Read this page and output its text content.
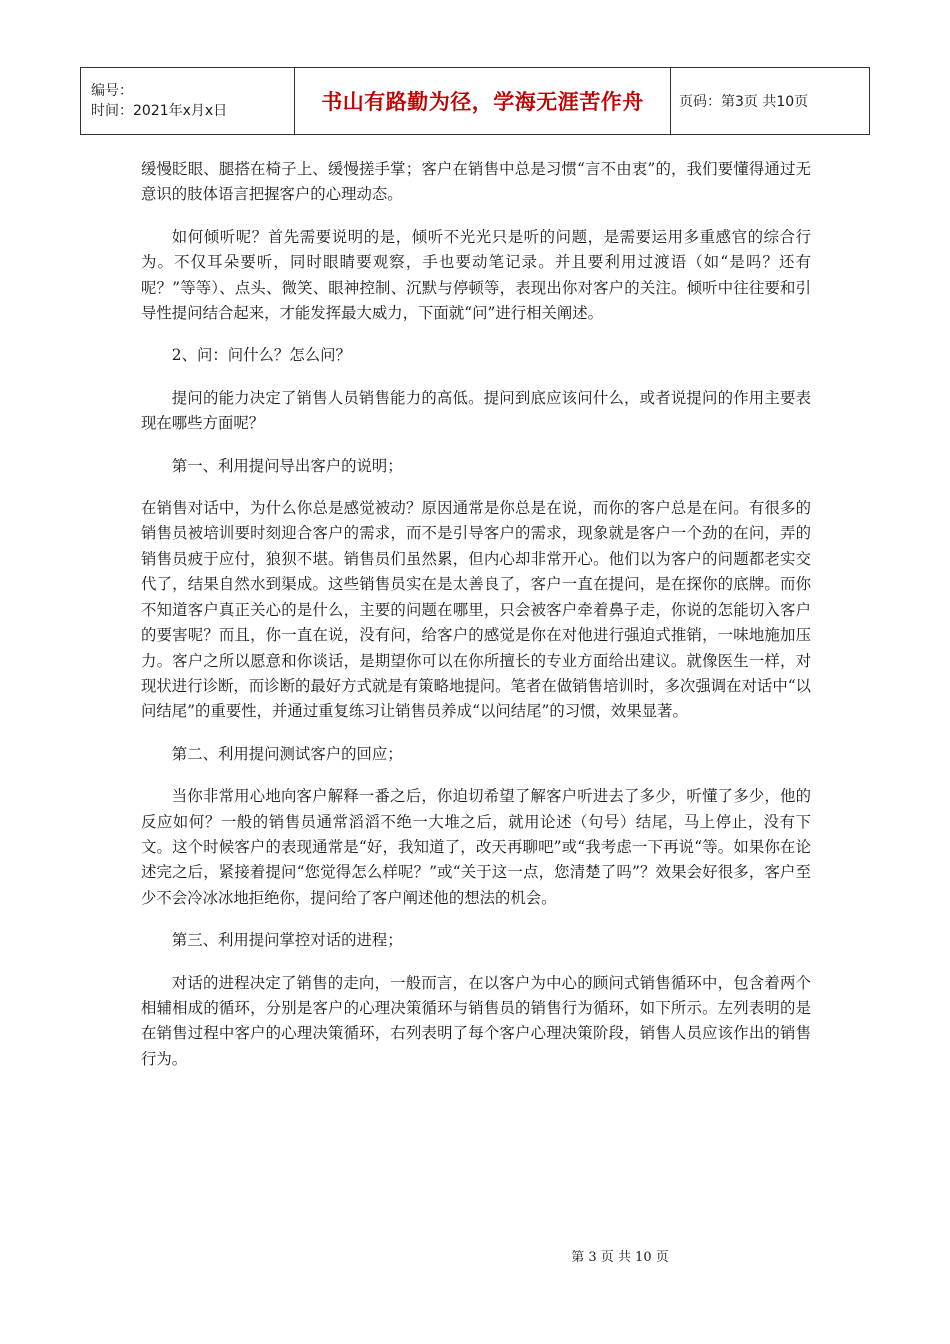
编号：
时间：2021年x月x日	书山有路勤为径，学海无涯苦作舟	页码：第3页 共10页

缓慢眨眼、腿搭在椅子上、缓慢搓手掌；客户在销售中总是习惯“言不由衷”的，我们要懂得通过无意识的肢体语言把握客户的心理动态。

如何倾听呢？首先需要说明的是，倾听不光光只是听的问题，是需要运用多重感官的综合行为。不仅耳朵要听，同时眼睛要观察，手也要动笔记录。并且要利用过渡语（如“是吗？还有呢？”等等）、点头、微笑、眼神控制、沉默与停顿等，表现出你对客户的关注。倾听中往往要和引导性提问结合起来，才能发挥最大威力，下面就“问”进行相关阐述。

2、问：问什么？怎么问？

提问的能力决定了销售人员销售能力的高低。提问到底应该问什么，或者说提问的作用主要表现在哪些方面呢？

第一、利用提问导出客户的说明；

在销售对话中，为什么你总是感觉被动？原因通常是你总是在说，而你的客户总是在问。有很多的销售员被培训要时刻迎合客户的需求，而不是引导客户的需求，现象就是客户一个劲的在问，弄的销售员疲于应付，狼狈不堪。销售员们虽然累，但内心却非常开心。他们以为客户的问题都老实交代了，结果自然水到渠成。这些销售员实在是太善良了，客户一直在提问，是在探你的底牌。而你不知道客户真正关心的是什么，主要的问题在哪里，只会被客户牵着鼻子走，你说的怎能切入客户的要害呢？而且，你一直在说，没有问，给客户的感觉是你在对他进行强迫式推销，一味地施加压力。客户之所以愿意和你谈话，是期望你可以在你所擅长的专业方面给出建议。就像医生一样，对现状进行诊断，而诊断的最好方式就是有策略地提问。笔者在做销售培训时，多次强调在对话中“以问结尾”的重要性，并通过重复练习让销售员养成“以问结尾”的习惯，效果显著。

第二、利用提问测试客户的回应；

当你非常用心地向客户解释一番之后，你迫切希望了解客户听进去了多少，听懂了多少，他的反应如何？一般的销售员通常滔滔不绝一大堆之后，就用论述（句号）结尾，马上停止，没有下文。这个时候客户的表现通常是“好，我知道了，改天再聊吧”或“我考虑一下再说“等。如果你在论述完之后，紧接着提问“您觉得怎么样呢？”或“关于这一点，您清楚了吗”？效果会好很多，客户至少不会冷冰冰地拒绝你，提问给了客户阐述他的想法的机会。

第三、利用提问掌控对话的进程；

对话的进程决定了销售的走向，一般而言，在以客户为中心的顾问式销售循环中，包含着两个相辅相成的循环，分别是客户的心理决策循环与销售员的销售行为循环，如下所示。左列表明的是在销售过程中客户的心理决策循环，右列表明了每个客户心理决策阶段，销售人员应该作出的销售行为。

第 3 页 共 10 页
